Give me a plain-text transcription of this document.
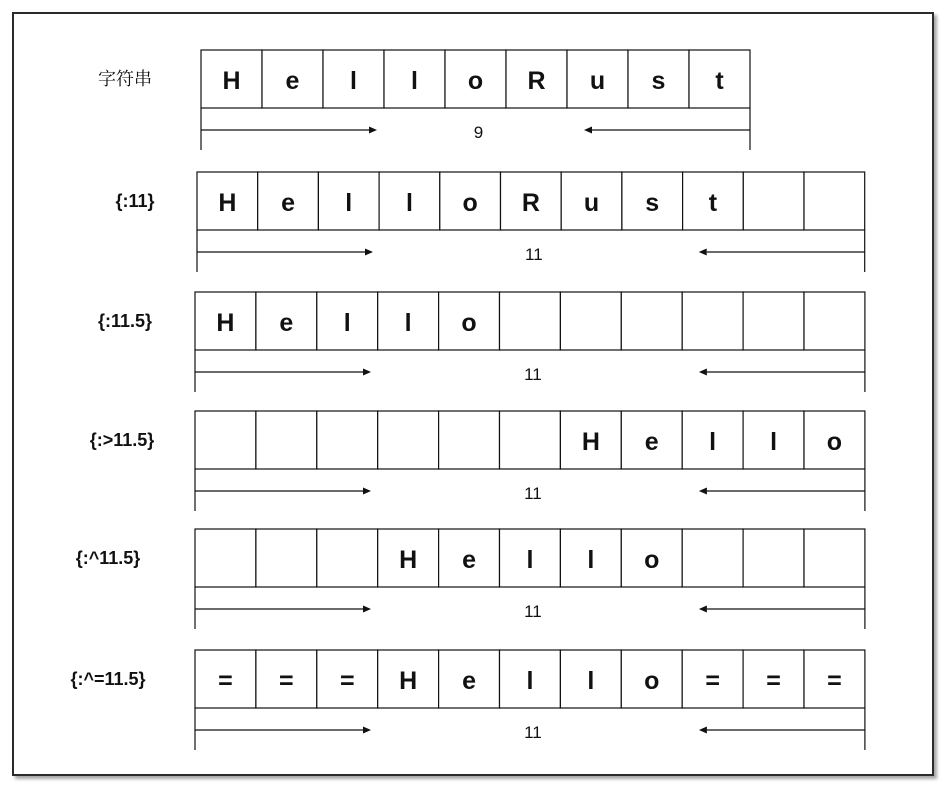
字符串	H e l l o R u s t
9
{:11}	H e l l o R u s t
11
{:11.5}	H e l l o
11
{:>11.5}	H e l l o
11
{:^11.5}	H e l l o
11
{:^=11.5}	= = = H e l l o = = =
11
